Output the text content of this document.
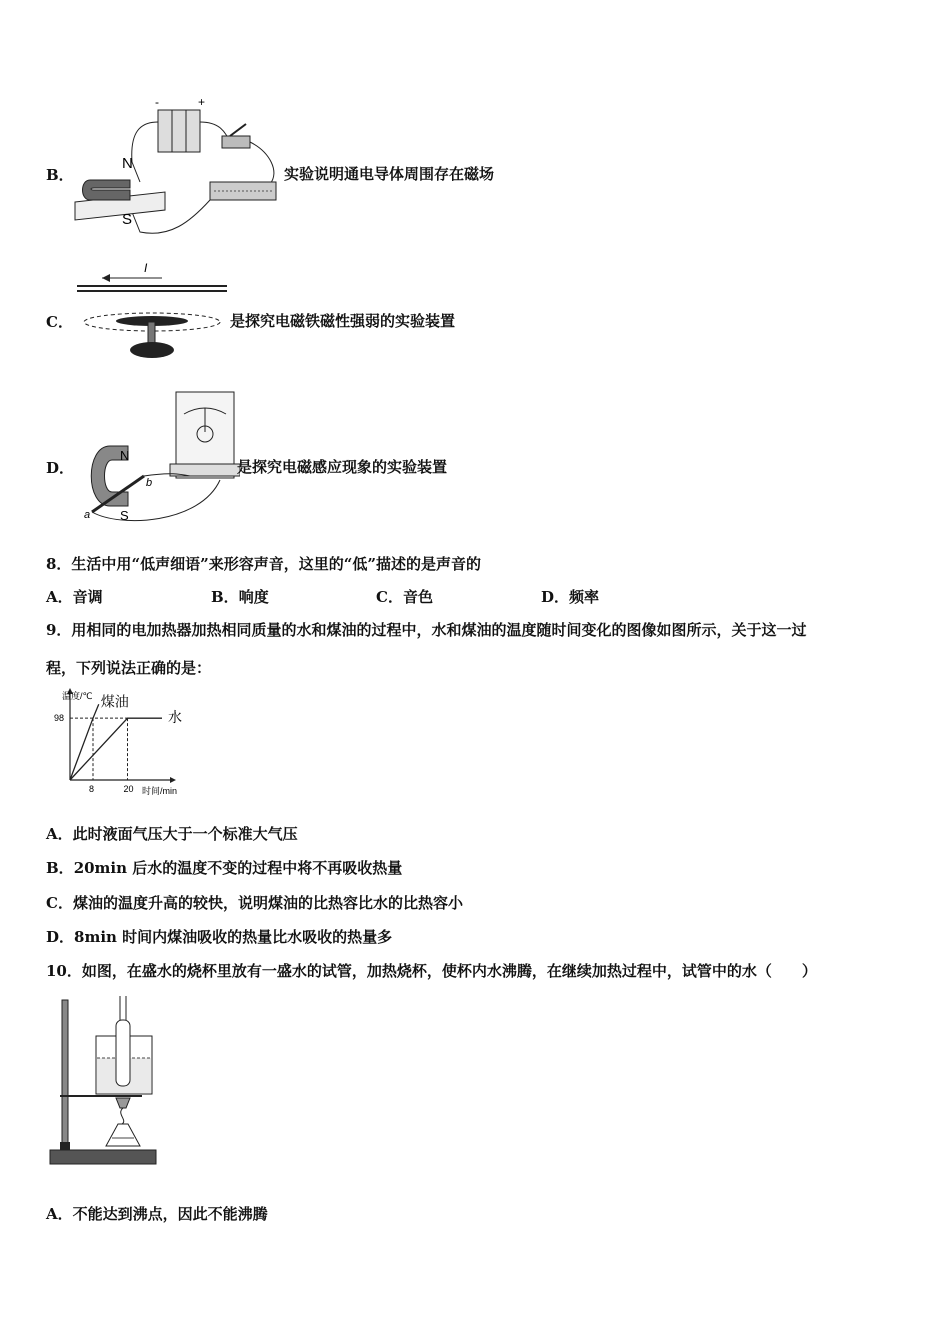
B．
-	+
N
S
实验说明通电导体周围存在磁场
C．
I
是探究电磁铁磁性强弱的实验装置
D．
N
S
a
b
是探究电磁感应现象的实验装置
8．生活中用“低声细语”来形容声音，这里的“低”描述的是声音的
A．音调	B．响度	C．音色	D．频率
9．用相同的电加热器加热相同质量的水和煤油的过程中，水和煤油的温度随时间变化的图像如图所示，关于这一过
程，下列说法正确的是：
温度/℃
时间/min
8	20
98
煤油
水
A．此时液面气压大于一个标准大气压
B．20min 后水的温度不变的过程中将不再吸收热量
C．煤油的温度升高的较快，说明煤油的比热容比水的比热容小
D．8min 时间内煤油吸收的热量比水吸收的热量多
10．如图，在盛水的烧杯里放有一盛水的试管，加热烧杯，使杯内水沸腾，在继续加热过程中，试管中的水（　　）
A．不能达到沸点，因此不能沸腾
